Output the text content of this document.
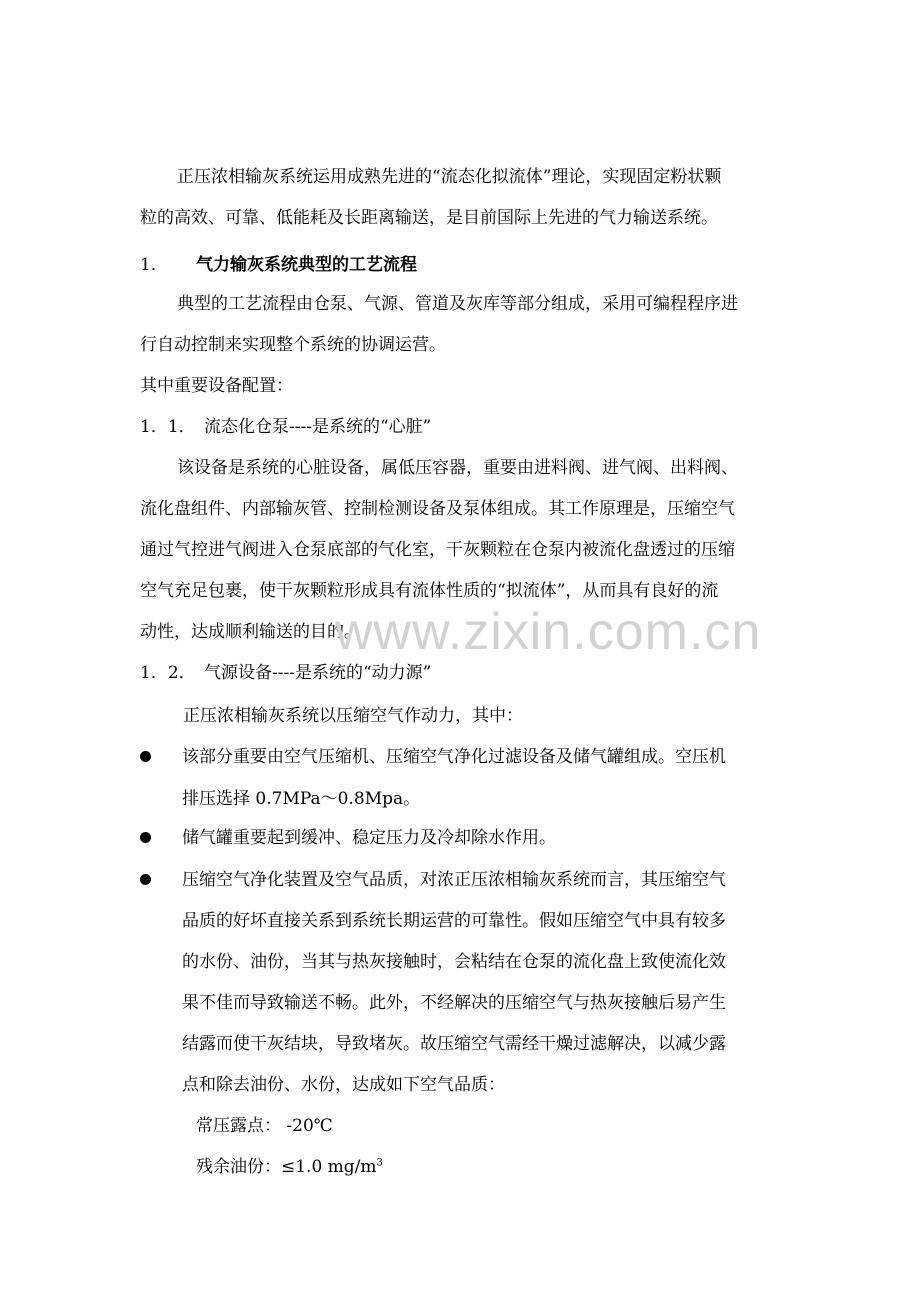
正压浓相输灰系统运用成熟先进的“流态化拟流体”理论，实现固定粉状颗
粒的高效、可靠、低能耗及长距离输送，是目前国际上先进的气力输送系统。
1． 气力输灰系统典型的工艺流程
典型的工艺流程由仓泵、气源、管道及灰库等部分组成，采用可编程程序进
行自动控制来实现整个系统的协调运营。
其中重要设备配置：
1．1． 流态化仓泵----是系统的“心脏”
该设备是系统的心脏设备，属低压容器，重要由进料阀、进气阀、出料阀、
流化盘组件、内部输灰管、控制检测设备及泵体组成。其工作原理是，压缩空气
通过气控进气阀进入仓泵底部的气化室，干灰颗粒在仓泵内被流化盘透过的压缩
空气充足包裹，使干灰颗粒形成具有流体性质的“拟流体”，从而具有良好的流
动性，达成顺利输送的目的。
1．2． 气源设备----是系统的“动力源”
正压浓相输灰系统以压缩空气作动力，其中：
该部分重要由空气压缩机、压缩空气净化过滤设备及储气罐组成。空压机
排压选择 0.7MPa～0.8Mpa。
储气罐重要起到缓冲、稳定压力及冷却除水作用。
压缩空气净化装置及空气品质，对浓正压浓相输灰系统而言，其压缩空气
品质的好坏直接关系到系统长期运营的可靠性。假如压缩空气中具有较多
的水份、油份，当其与热灰接触时，会粘结在仓泵的流化盘上致使流化效
果不佳而导致输送不畅。此外，不经解决的压缩空气与热灰接触后易产生
结露而使干灰结块，导致堵灰。故压缩空气需经干燥过滤解决，以减少露
点和除去油份、水份，达成如下空气品质：
常压露点： -20℃
残余油份：≤1.0 $mg/m^3$
www.zixin.com.cn
